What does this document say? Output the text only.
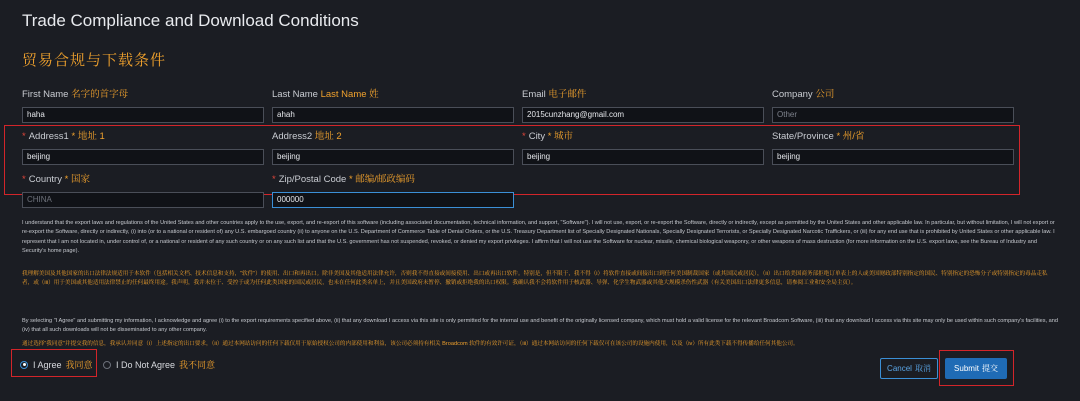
Trade Compliance and Download Conditions
贸易合规与下载条件
First Name 名字的首字母
haha
Last Name Last Name 姓
ahah
Email 电子邮件
2015cunzhang@gmail.com
Company 公司
Other
* Address1 * 地址 1
beijing
Address2 地址 2
beijing
* City * 城市
beijing
State/Province * 州/省
beijing
* Country * 国家
CHINA
* Zip/Postal Code * 邮编/邮政编码
000000
I understand that the export laws and regulations of the United States and other countries apply to the use, export, and re-export of this software (including associated documentation, technical information, and support, "Software"). I will not use, export, or re-export the Software, directly or indirectly, except as permitted by the United States and other applicable law. In particular, but without limitation, I will not export or re-export the Software, directly or indirectly, (i) into (or to a national or resident of) any U.S. embargoed country (ii) to anyone on the U.S. Department of Commerce Table of Denial Orders, or the U.S. Treasury Department list of Specially Designated Nationals, Specially Designated Terrorists, or Specially Designated Narcotic Traffickers, or (iii) for any end use that is prohibited by United States or other applicable law. I represent that I am not located in, under control of, or a national or resident of any such country or on any such list and that the U.S. government has not suspended, revoked, or denied my export privileges. I affirm that I will not use the Software for nuclear, missile, chemical biological weaponry, or other weapons of mass destruction (for more information on the U.S. export laws, see the Bureau of Industry and Security's home page).
我理解美国及其他国家的出口法律法规适用于本软件（包括相关文档、技术信息和支持，“软件”）的使用、出口和再出口。除非美国及其他适用法律允许，否则我不得直接或间接使用、出口或再出口软件。特别是，但不限于，我不得（i）将软件直接或间接出口到任何美国制裁国家（或其国民或居民），（ii）出口给美国商务部拒绝订单表上的人或美国财政部特别指定的国民、特别指定的恐怖分子或特别指定的毒品走私者，或（iii）用于美国或其他适用法律禁止的任何最终用途。我声明，我并未位于、受控于或为任何此类国家的国民或居民，也未在任何此类名单上，并且美国政府未暂停、撤销或拒绝我的出口权限。我确认我不会将软件用于核武器、导弹、化学生物武器或其他大规模杀伤性武器（有关美国出口法律更多信息，请参阅工业和安全局主页）。
By selecting "I Agree" and submitting my information, I acknowledge and agree (i) to the export requirements specified above, (ii) that any download I access via this site is only permitted for the internal use and benefit of the originally licensed company, which must hold a valid license for the relevant Broadcom Software, (iii) that any download I access via this site may only be used within such company's facilities, and (iv) that all such downloads will not be disseminated to any other company.
通过选择“我同意”并提交我的信息，我承认并同意（i）上述指定的出口要求，（ii）通过本网站访问的任何下载仅用于原始授权公司的内部使用和利益，该公司必须持有相关 Broadcom 软件的有效许可证，（iii）通过本网站访问的任何下载仅可在该公司的设施内使用，以及（iv）所有此类下载不得传播给任何其他公司。
I Agree 我同意	I Do Not Agree 我不同意	Cancel 取消	Submit 提交
